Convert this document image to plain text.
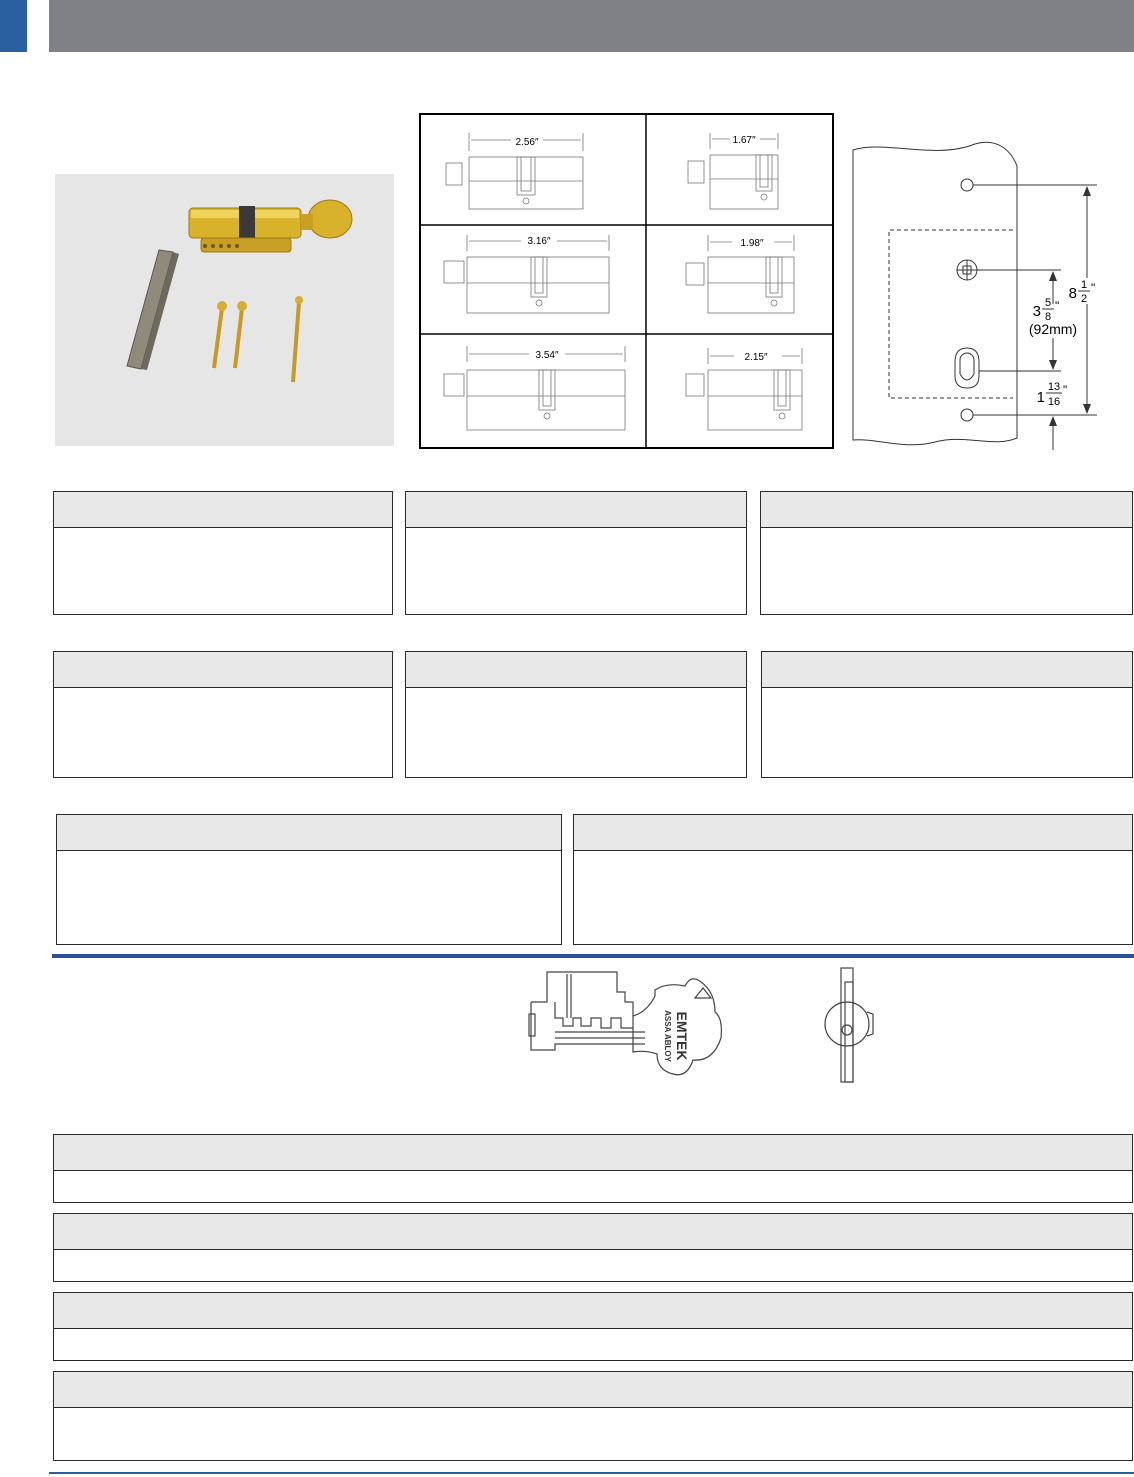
2.56″	1.67″
3.16″	1.98″
3.54″	2.15″
8 1
2
"
3 5
8
"
(92mm)
1
13
16
"
EMTEK
ASSA ABLOY
